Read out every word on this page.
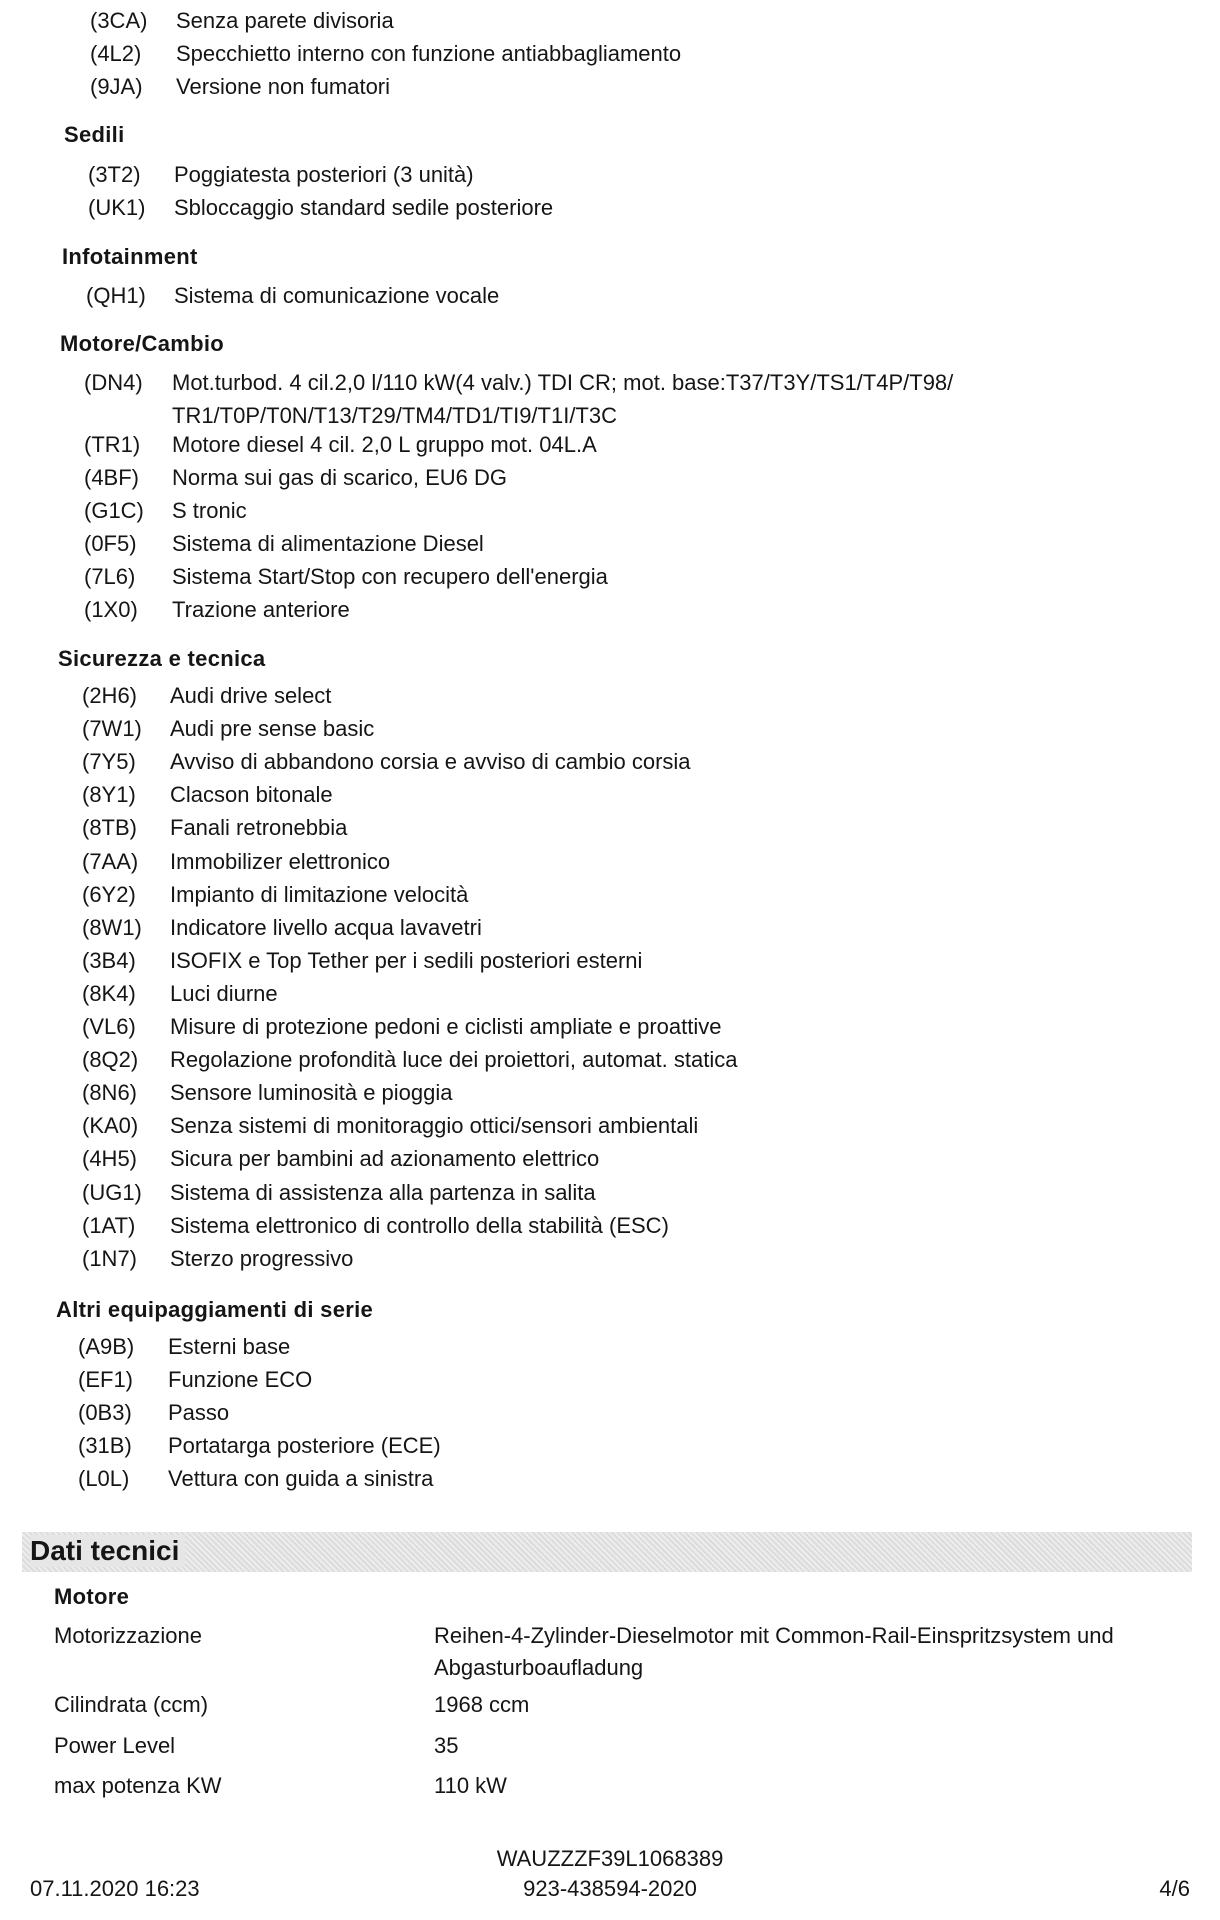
(3CA) Senza parete divisoria
(4L2) Specchietto interno con funzione antiabbagliamento
(9JA) Versione non fumatori
Sedili
(3T2) Poggiatesta posteriori (3 unità)
(UK1) Sbloccaggio standard sedile posteriore
Infotainment
(QH1) Sistema di comunicazione vocale
Motore/Cambio
(DN4) Mot.turbod. 4 cil.2,0 l/110 kW(4 valv.) TDI CR; mot. base:T37/T3Y/TS1/T4P/T98/ TR1/T0P/T0N/T13/T29/TM4/TD1/TI9/T1I/T3C
(TR1) Motore diesel 4 cil. 2,0 L gruppo mot. 04L.A
(4BF) Norma sui gas di scarico, EU6 DG
(G1C) S tronic
(0F5) Sistema di alimentazione Diesel
(7L6) Sistema Start/Stop con recupero dell'energia
(1X0) Trazione anteriore
Sicurezza e tecnica
(2H6) Audi drive select
(7W1) Audi pre sense basic
(7Y5) Avviso di abbandono corsia e avviso di cambio corsia
(8Y1) Clacson bitonale
(8TB) Fanali retronebbia
(7AA) Immobilizer elettronico
(6Y2) Impianto di limitazione velocità
(8W1) Indicatore livello acqua lavavetri
(3B4) ISOFIX e Top Tether per i sedili posteriori esterni
(8K4) Luci diurne
(VL6) Misure di protezione pedoni e ciclisti ampliate e proattive
(8Q2) Regolazione profondità luce dei proiettori, automat. statica
(8N6) Sensore luminosità e pioggia
(KA0) Senza sistemi di monitoraggio ottici/sensori ambientali
(4H5) Sicura per bambini ad azionamento elettrico
(UG1) Sistema di assistenza alla partenza in salita
(1AT) Sistema elettronico di controllo della stabilità (ESC)
(1N7) Sterzo progressivo
Altri equipaggiamenti di serie
(A9B) Esterni base
(EF1) Funzione ECO
(0B3) Passo
(31B) Portatarga posteriore (ECE)
(L0L) Vettura con guida a sinistra
Dati tecnici
Motore
Motorizzazione	Reihen-4-Zylinder-Dieselmotor mit Common-Rail-Einspritzsystem und Abgasturboaufladung
Cilindrata (ccm)	1968 ccm
Power Level	35
max potenza KW	110 kW
WAUZZZF39L1068389
923-438594-2020
07.11.2020 16:23	4/6
